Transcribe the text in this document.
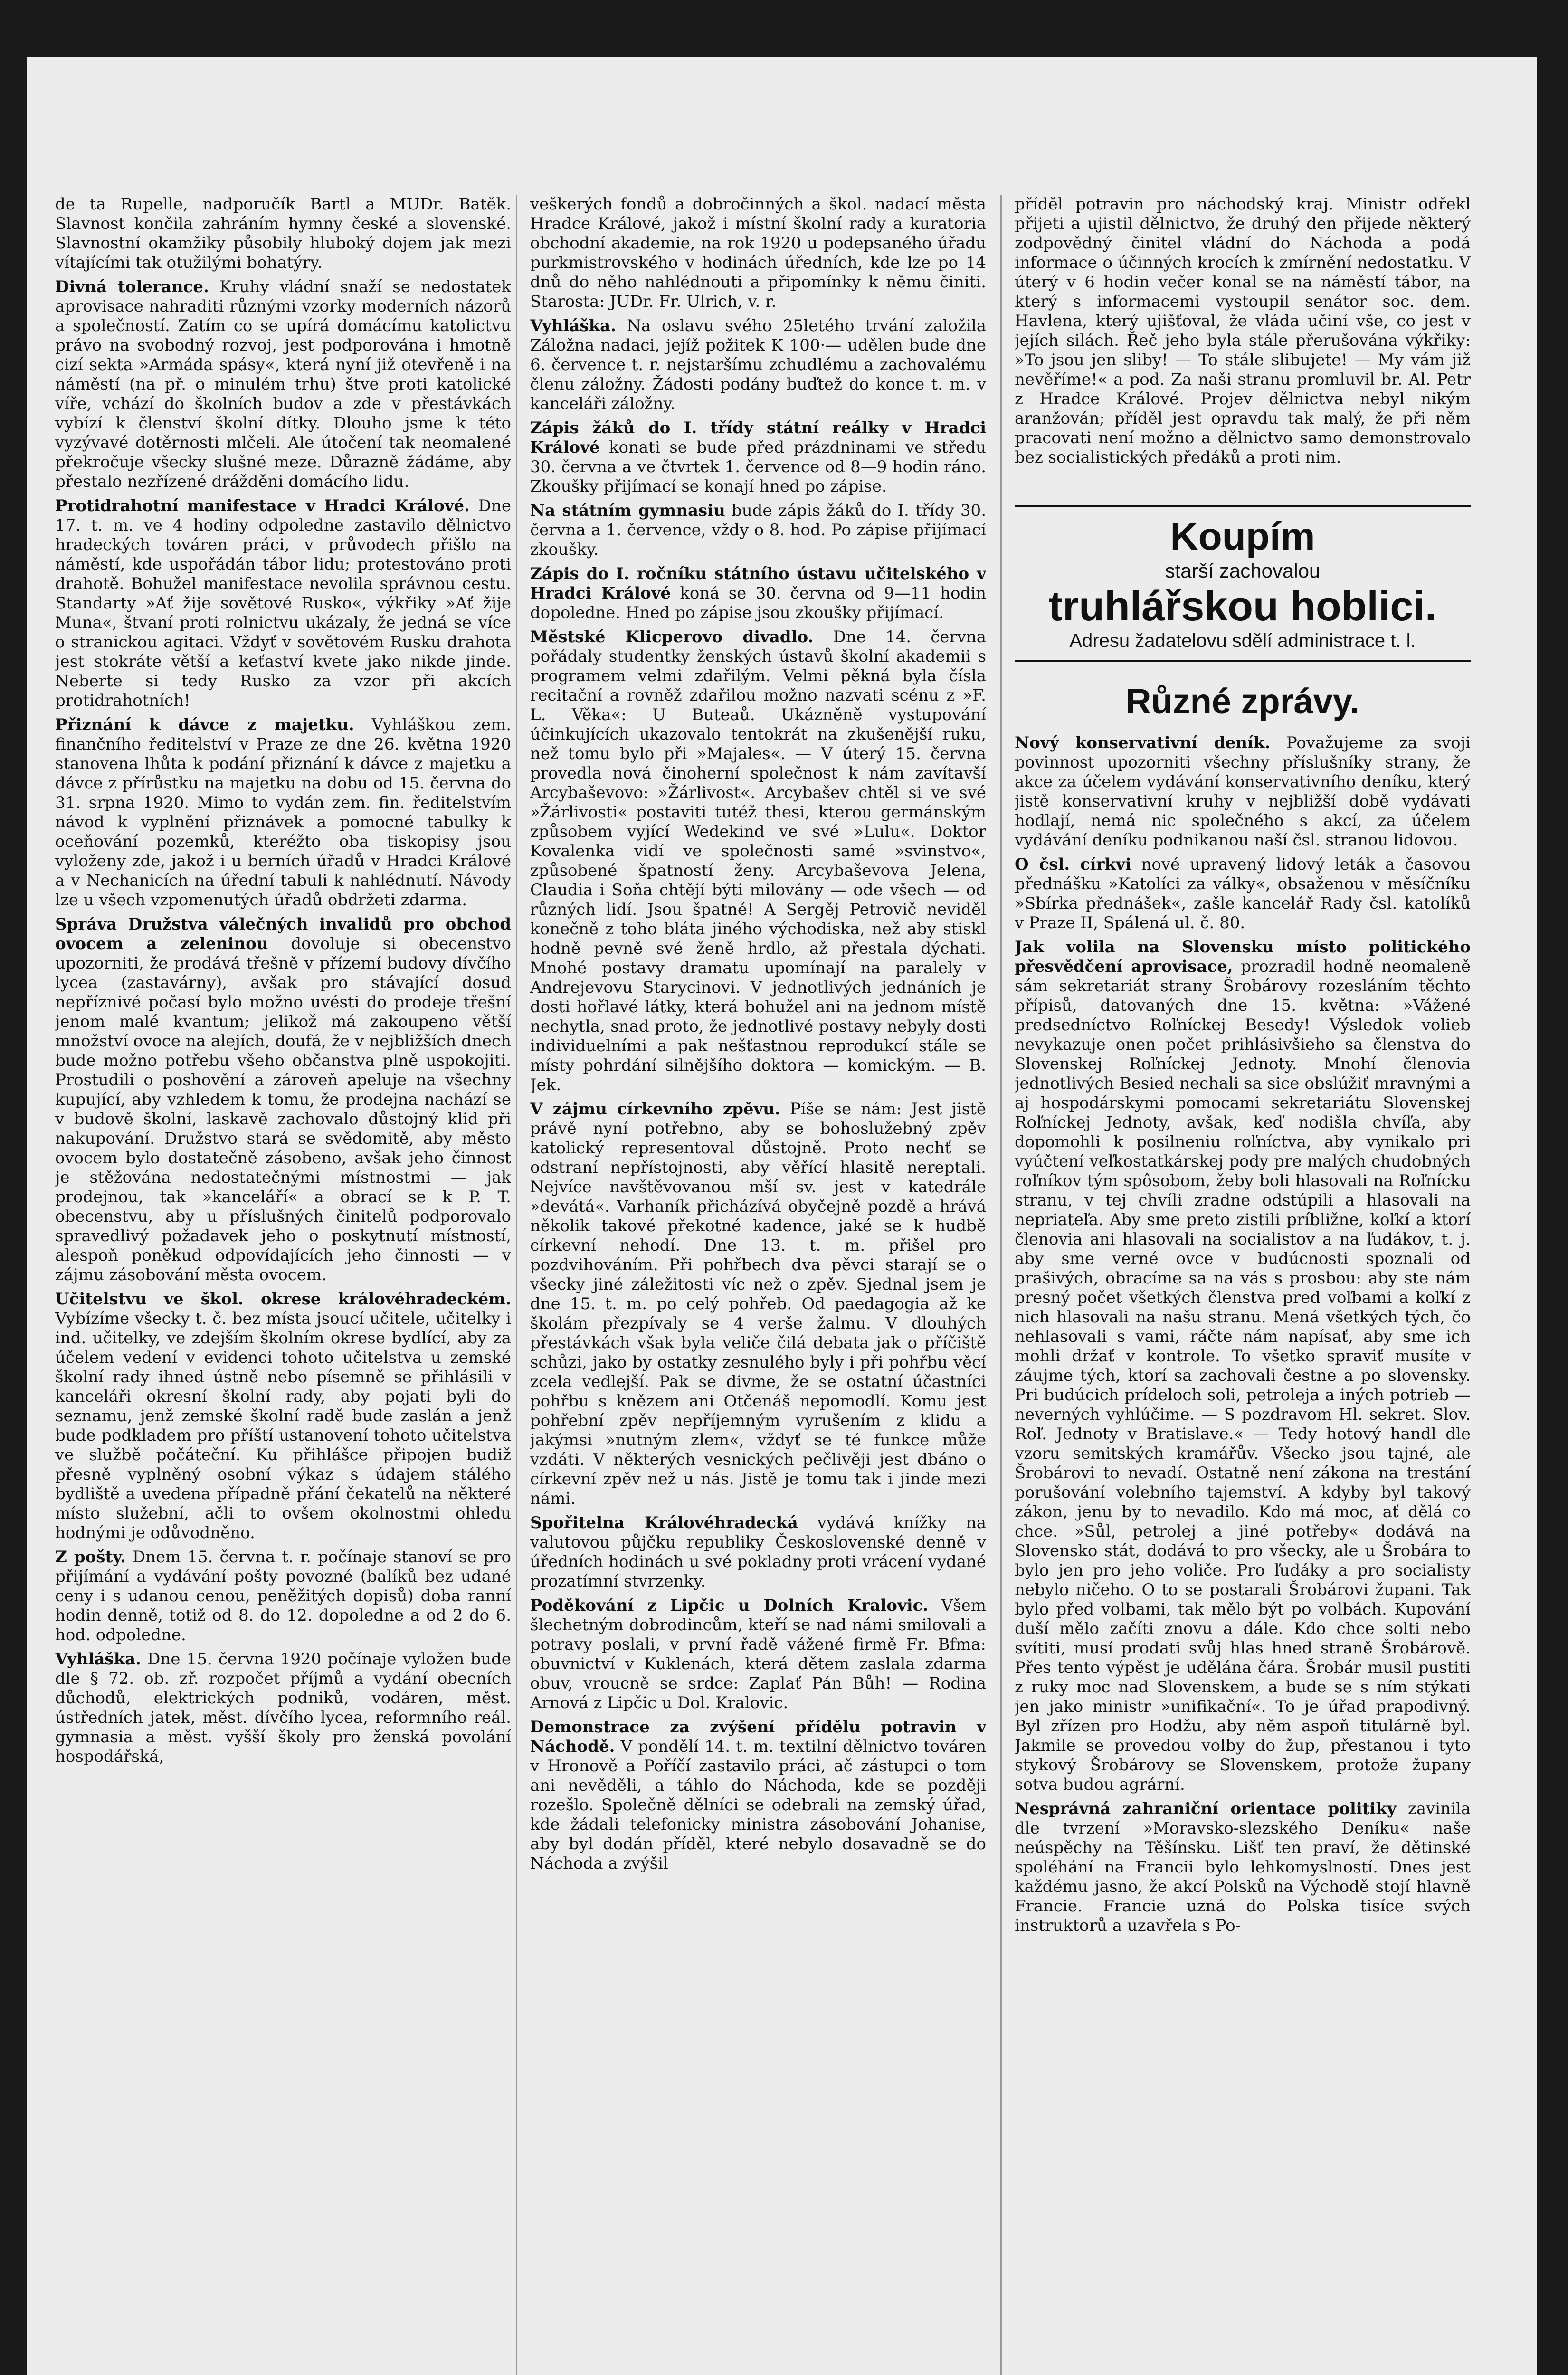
de ta Rupelle, nadporučík Bartl a MUDr. Batěk. Slavnost končila zahráním hymny české a slovenské. Slavnostní okamžiky působily hluboký dojem jak mezi vítajícími tak otužilými bohatýry.

Divná tolerance. Kruhy vládní snaží se nedostatek aprovisace nahraditi různými vzorky moderních názorů a společností. Zatím co se upírá domácímu katolictvu právo na svobodný rozvoj, jest podporována i hmotně cizí sekta »Armáda spásy«, která nyní již otevřeně i na náměstí (na př. o minulém trhu) štve proti katolické víře, vchází do školních budov a zde v přestávkách vybízí k členství školní dítky. Dlouho jsme k této vyzývavé dotěrnosti mlčeli. Ale útočení tak neomalené překročuje všecky slušné meze. Důrazně žádáme, aby přestalo nezřízené drážděni domácího lidu.

Protidrahotní manifestace v Hradci Králové. Dne 17. t. m. ve 4 hodiny odpoledne zastavilo dělnictvo hradeckých továren práci, v průvodech přišlo na náměstí, kde uspořádán tábor lidu; protestováno proti drahotě. Bohužel manifestace nevolila správnou cestu. Standarty »Ať žije sovětové Rusko«, výkřiky »Ať žije Muna«, štvaní proti rolnictvu ukázaly, že jedná se více o stranickou agitaci. Vždyť v sovětovém Rusku drahota jest stokráte větší a keťaství kvete jako nikde jinde. Neberte si tedy Rusko za vzor při akcích protidrahotních!

Přiznání k dávce z majetku. Vyhláškou zem. finančního ředitelství v Praze ze dne 26. května 1920 stanovena lhůta k podání přiznání k dávce z majetku a dávce z přírůstku na majetku na dobu od 15. června do 31. srpna 1920. Mimo to vydán zem. fin. ředitelstvím návod k vyplnění přiznávek a pomocné tabulky k oceňování pozemků, kteréžto oba tiskopisy jsou vyloženy zde, jakož i u berních úřadů v Hradci Králové a v Nechanicích na úřední tabuli k nahlédnutí. Návody lze u všech vzpomenutých úřadů obdržeti zdarma.

Správa Družstva válečných invalidů pro obchod ovocem a zeleninou dovoluje si obecenstvo upozorniti, že prodává třešně v přízemí budovy dívčího lycea (zastavárny), avšak pro stávající dosud nepříznivé počasí bylo možno uvésti do prodeje třešní jenom malé kvantum; jelikož má zakoupeno větší množství ovoce na alejích, doufá, že v nejbližších dnech bude možno potřebu všeho občanstva plně uspokojiti. Prostudili o poshovění a zároveň apeluje na všechny kupující, aby vzhledem k tomu, že prodejna nachází se v budově školní, laskavě zachovalo důstojný klid při nakupování. Družstvo stará se svědomitě, aby město ovocem bylo dostatečně zásobeno, avšak jeho činnost je stěžována nedostatečnými místnostmi — jak prodejnou, tak »kanceláří« a obrací se k P. T. obecenstvu, aby u příslušných činitelů podporovalo spravedlivý požadavek jeho o poskytnutí místností, alespoň poněkud odpovídajících jeho činnosti — v zájmu zásobování města ovocem.

Učitelstvu ve škol. okrese královéhradeckém. Vybízíme všecky t. č. bez místa jsoucí učitele, učitelky i ind. učitelky, ve zdejším školním okrese bydlící, aby za účelem vedení v evidenci tohoto učitelstva u zemské školní rady ihned ústně nebo písemně se přihlásili v kanceláři okresní školní rady, aby pojati byli do seznamu, jenž zemské školní radě bude zaslán a jenž bude podkladem pro příští ustanovení tohoto učitelstva ve službě počáteční. Ku přihlášce připojen budiž přesně vyplněný osobní výkaz s údajem stálého bydliště a uvedena případně přání čekatelů na některé místo služební, ačli to ovšem okolnostmi ohledu hodnými je odůvodněno.

Z pošty. Dnem 15. června t. r. počínaje stanoví se pro přijímání a vydávání pošty povozné (balíků bez udané ceny i s udanou cenou, peněžitých dopisů) doba ranní hodin denně, totiž od 8. do 12. dopoledne a od 2 do 6. hod. odpoledne.

Vyhláška. Dne 15. června 1920 počínaje vyložen bude dle § 72. ob. zř. rozpočet příjmů a vydání obecních důchodů, elektrických podniků, vodáren, měst. ústředních jatek, měst. dívčího lycea, reformního reál. gymnasia a měst. vyšší školy pro ženská povolání hospodářská,

veškerých fondů a dobročinných a škol. nadací města Hradce Králové, jakož i místní školní rady a kuratoria obchodní akademie, na rok 1920 u podepsaného úřadu purkmistrovského v hodinách úředních, kde lze po 14 dnů do něho nahlédnouti a připomínky k němu činiti. Starosta: JUDr. Fr. Ulrich, v. r.

Vyhláška. Na oslavu svého 25letého trvání založila Záložna nadaci, jejíž požitek K 100·— udělen bude dne 6. července t. r. nejstaršímu zchudlému a zachovalému členu záložny. Žádosti podány buďtež do konce t. m. v kanceláři záložny.

Zápis žáků do I. třídy státní reálky v Hradci Králové konati se bude před prázdninami ve středu 30. června a ve čtvrtek 1. července od 8—9 hodin ráno. Zkoušky přijímací se konají hned po zápise.

Na státním gymnasiu bude zápis žáků do I. třídy 30. června a 1. července, vždy o 8. hod. Po zápise přijímací zkoušky.

Zápis do I. ročníku státního ústavu učitelského v Hradci Králové koná se 30. června od 9—11 hodin dopoledne. Hned po zápise jsou zkoušky přijímací.

Městské Klicperovo divadlo. Dne 14. června pořádaly studentky ženských ústavů školní akademii s programem velmi zdařilým. Velmi pěkná byla čísla recitační a rovněž zdařilou možno nazvati scénu z »F. L. Věka«: U Buteaů. Ukázněně vystupování účinkujících ukazovalo tentokrát na zkušenější ruku, než tomu bylo při »Majales«. — V úterý 15. června provedla nová činoherní společnost k nám zavítavší Arcybaševovo: »Žárlivost«. Arcybašev chtěl si ve své »Žárlivosti« postaviti tutéž thesi, kterou germánským způsobem vyjící Wedekind ve své »Lulu«. Doktor Kovalenka vidí ve společnosti samé »svinstvo«, způsobené špatností ženy. Arcybaševova Jelena, Claudia i Soňa chtějí býti milovány — ode všech — od různých lidí. Jsou špatné! A Sergěj Petrovič neviděl konečně z toho bláta jiného východiska, než aby stiskl hodně pevně své ženě hrdlo, až přestala dýchati. Mnohé postavy dramatu upomínají na paralely v Andrejevovu Starycinovi. V jednotlivých jednáních je dosti hořlavé látky, která bohužel ani na jednom místě nechytla, snad proto, že jednotlivé postavy nebyly dosti individuelními a pak nešťastnou reprodukcí stále se místy pohrdání silnějšího doktora — komickým. — B. Jek.

V zájmu církevního zpěvu. Píše se nám: Jest jistě právě nyní potřebno, aby se bohoslužebný zpěv katolický representoval důstojně. Proto nechť se odstraní nepřístojnosti, aby věřící hlasitě nereptali. Nejvíce navštěvovanou mší sv. jest v katedrále »devátá«. Varhaník přicházívá obyčejně pozdě a hrává několik takové překotné kadence, jaké se k hudbě církevní nehodí. Dne 13. t. m. přišel pro pozdvihováním. Při pohřbech dva pěvci starají se o všecky jiné záležitosti víc než o zpěv. Sjednal jsem je dne 15. t. m. po celý pohřeb. Od paedagogia až ke školám přezpívaly se 4 verše žalmu. V dlouhých přestávkách však byla veliče čilá debata jak o příčiště schůzi, jako by ostatky zesnulého byly i při pohřbu věcí zcela vedlejší. Pak se divme, že se ostatní účastníci pohřbu s knězem ani Otčenáš nepomodlí. Komu jest pohřební zpěv nepříjemným vyrušením z klidu a jakýmsi »nutným zlem«, vždyť se té funkce může vzdáti. V některých vesnických pečlivěji jest dbáno o církevní zpěv než u nás. Jistě je tomu tak i jinde mezi námi.

Spořitelna Královéhradecká vydává knížky na valutovou půjčku republiky Československé denně v úředních hodinách u své pokladny proti vrácení vydané prozatímní stvrzenky.

Poděkování z Lipčic u Dolních Kralovic. Všem šlechetným dobrodincům, kteří se nad námi smilovali a potravy poslali, v první řadě vážené firmě Fr. Bfma: obuvnictví v Kuklenách, která dětem zaslala zdarma obuv, vroucně se srdce: Zaplať Pán Bůh! — Rodina Arnová z Lipčic u Dol. Kralovic.

Demonstrace za zvýšení přídělu potravin v Náchodě. V pondělí 14. t. m. textilní dělnictvo továren v Hronově a Poříčí zastavilo práci, ač zástupci o tom ani nevěděli, a táhlo do Náchoda, kde se později rozešlo. Společně dělníci se odebrali na zemský úřad, kde žádali telefonicky ministra zásobování Johanise, aby byl dodán příděl, které nebylo dosavadně se do Náchoda a zvýšil

příděl potravin pro náchodský kraj. Ministr odřekl přijeti a ujistil dělnictvo, že druhý den přijede některý zodpovědný činitel vládní do Náchoda a podá informace o účinných krocích k zmírnění nedostatku. V úterý v 6 hodin večer konal se na náměstí tábor, na který s informacemi vystoupil senátor soc. dem. Havlena, který ujišťoval, že vláda učiní vše, co jest v jejích silách. Řeč jeho byla stále přerušována výkřiky: »To jsou jen sliby! — To stále slibujete! — My vám již nevěříme!« a pod. Za naši stranu promluvil br. Al. Petr z Hradce Králové. Projev dělnictva nebyl nikým aranžován; příděl jest opravdu tak malý, že při něm pracovati není možno a dělnictvo samo demonstrovalo bez socialistických předáků a proti nim.

Koupím
starší zachovalou
truhlářskou hoblici.
Adresu žadatelovu sdělí administrace t. l.
Různé zprávy.

Nový konservativní deník. Považujeme za svoji povinnost upozorniti všechny příslušníky strany, že akce za účelem vydávání konservativního deníku, který jistě konservativní kruhy v nejbližší době vydávati hodlají, nemá nic společného s akcí, za účelem vydávání deníku podnikanou naší čsl. stranou lidovou.

O čsl. církvi nové upravený lidový leták a časovou přednášku »Katolíci za války«, obsaženou v měsíčníku »Sbírka přednášek«, zašle kancelář Rady čsl. katolíků v Praze II, Spálená ul. č. 80.

Jak volila na Slovensku místo politického přesvědčení aprovisace, prozradil hodně neomaleně sám sekretariát strany Šrobárovy rozesláním těchto přípisů, datovaných dne 15. května: »Vážené predsedníctvo Roľníckej Besedy! Výsledok volieb nevykazuje onen počet prihlásivšieho sa členstva do Slovenskej Roľníckej Jednoty. Mnohí členovia jednotlivých Besied nechali sa sice obslúžiť mravnými a aj hospodárskymi pomocami sekretariátu Slovenskej Roľníckej Jednoty, avšak, keď nodišla chvíľa, aby dopomohli k posilneniu roľníctva, aby vynikalo pri vyúčtení veľkostatkárskej pody pre malých chudobných roľníkov tým spôsobom, žeby boli hlasovali na Roľnícku stranu, v tej chvíli zradne odstúpili a hlasovali na nepriateľa. Aby sme preto zistili príbližne, koľkí a ktorí členovia ani hlasovali na socialistov a na ľudákov, t. j. aby sme verné ovce v budúcnosti spoznali od prašivých, obracíme sa na vás s prosbou: aby ste nám presný počet všetkých členstva pred voľbami a koľkí z nich hlasovali na našu stranu. Mená všetkých tých, čo nehlasovali s vami, ráčte nám napísať, aby sme ich mohli držať v kontrole. To všetko spraviť musíte v záujme tých, ktorí sa zachovali čestne a po slovensky. Pri budúcich prídeloch soli, petroleja a iných potrieb — neverných vyhlúčime. — S pozdravom Hl. sekret. Slov. Roľ. Jednoty v Bratislave.« — Tedy hotový handl dle vzoru semitských kramářův. Všecko jsou tajné, ale Šrobárovi to nevadí. Ostatně není zákona na trestání porušování volebního tajemství. A kdyby byl takový zákon, jenu by to nevadilo. Kdo má moc, ať dělá co chce. »Sůl, petrolej a jiné potřeby« dodává na Slovensko stát, dodává to pro všecky, ale u Šrobára to bylo jen pro jeho voliče. Pro ľudáky a pro socialisty nebylo ničeho. O to se postarali Šrobárovi župani. Tak bylo před volbami, tak mělo být po volbách. Kupování duší mělo začíti znovu a dále. Kdo chce solti nebo svítiti, musí prodati svůj hlas hned straně Šrobárově. Přes tento výpěst je udělána čára. Šrobár musil pustiti z ruky moc nad Slovenskem, a bude se s ním stýkati jen jako ministr »unifikační«. To je úřad prapodivný. Byl zřízen pro Hodžu, aby něm aspoň titulárně byl. Jakmile se provedou volby do žup, přestanou i tyto stykový Šrobárovy se Slovenskem, protože župany sotva budou agrární.

Nesprávná zahraniční orientace politiky zavinila dle tvrzení »Moravsko-slezského Deníku« naše neúspěchy na Těšínsku. Lišť ten praví, že dětinské spoléhání na Francii bylo lehkomyslností. Dnes jest každému jasno, že akcí Polsků na Východě stojí hlavně Francie. Francie uzná do Polska tisíce svých instruktorů a uzavřela s Po-
